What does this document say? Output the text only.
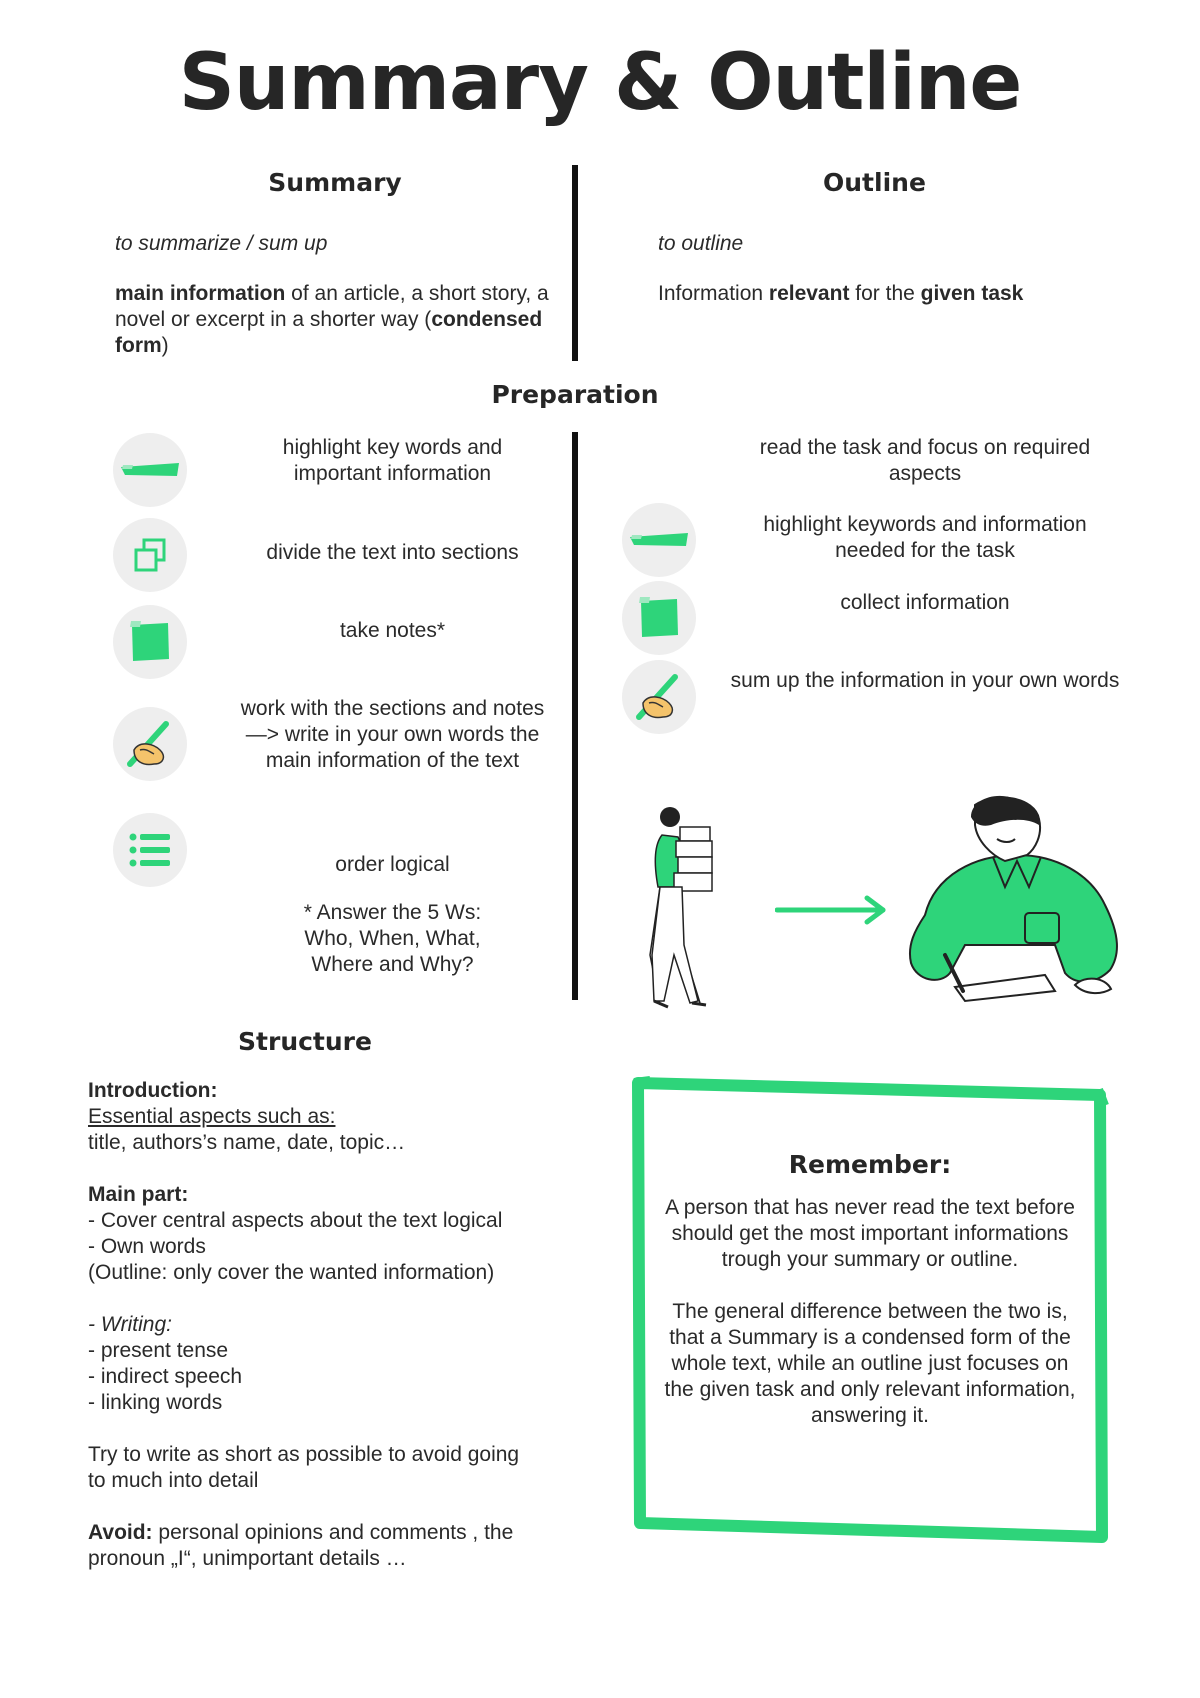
Summary & Outline
Summary
to summarize / sum up
main information of an article, a short story, a novel or excerpt in a shorter way (condensed form)
Outline
to outline
Information relevant for the given task
Preparation
highlight key words and important information
divide the text into sections
take notes*
work with the sections and notes —> write in your own words the main information of the text
order logical
* Answer the 5 Ws: Who, When, What, Where and Why?
read the task and focus on required aspects
highlight keywords and information needed for the task
collect information
sum up the information in your own words
Structure

Introduction:

Essential aspects such as:

title, authors’s name, date, topic…

Main part:

- Cover central aspects about the text logical

- Own words

(Outline: only cover the wanted information)

- Writing:

- present tense

- indirect speech

- linking words

Try to write as short as possible to avoid going to much into detail

Avoid: personal opinions and comments , the pronoun „I“, unimportant details …

Remember:

A person that has never read the text before should get the most important informations trough your summary or outline.

The general difference between the two is, that a Summary is a condensed form of the whole text, while an outline just focuses on the given task and only relevant information, answering it.
